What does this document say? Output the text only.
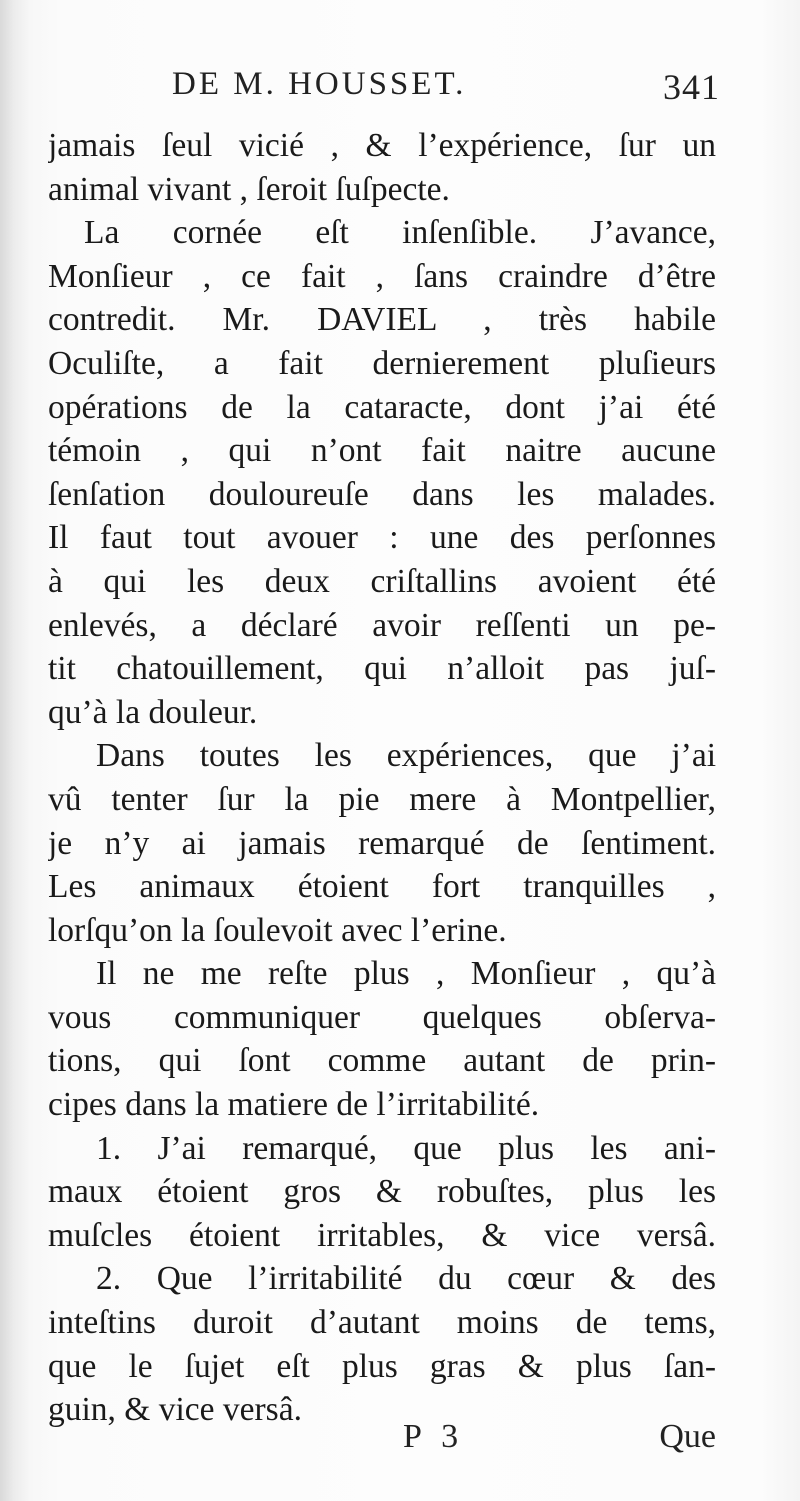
DE M. HOUSSET.	341
jamais ſeul vicié , & l’expérience, ſur un
animal vivant , ſeroit ſuſpecte.
La cornée eſt inſenſible. J’avance,
Monſieur , ce fait , ſans craindre d’être
contredit. Mr. DAVIEL , très habile
Oculiſte, a fait dernierement pluſieurs
opérations de la cataracte, dont j’ai été
témoin , qui n’ont fait naitre aucune
ſenſation douloureuſe dans les malades.
Il faut tout avouer : une des perſonnes
à qui les deux criſtallins avoient été
enlevés, a déclaré avoir reſſenti un pe-
tit chatouillement, qui n’alloit pas juſ-
qu’à la douleur.
Dans toutes les expériences, que j’ai
vû tenter ſur la pie mere à Montpellier,
je n’y ai jamais remarqué de ſentiment.
Les animaux étoient fort tranquilles ,
lorſqu’on la ſoulevoit avec l’erine.
Il ne me reſte plus , Monſieur , qu’à
vous communiquer quelques obſerva-
tions, qui ſont comme autant de prin-
cipes dans la matiere de l’irritabilité.
1. J’ai remarqué, que plus les ani-
maux étoient gros & robuſtes, plus les
muſcles étoient irritables, & vice versâ.
2. Que l’irritabilité du cœur & des
inteſtins duroit d’autant moins de tems,
que le ſujet eſt plus gras & plus ſan-
guin, & vice versâ.
P 3	Que
